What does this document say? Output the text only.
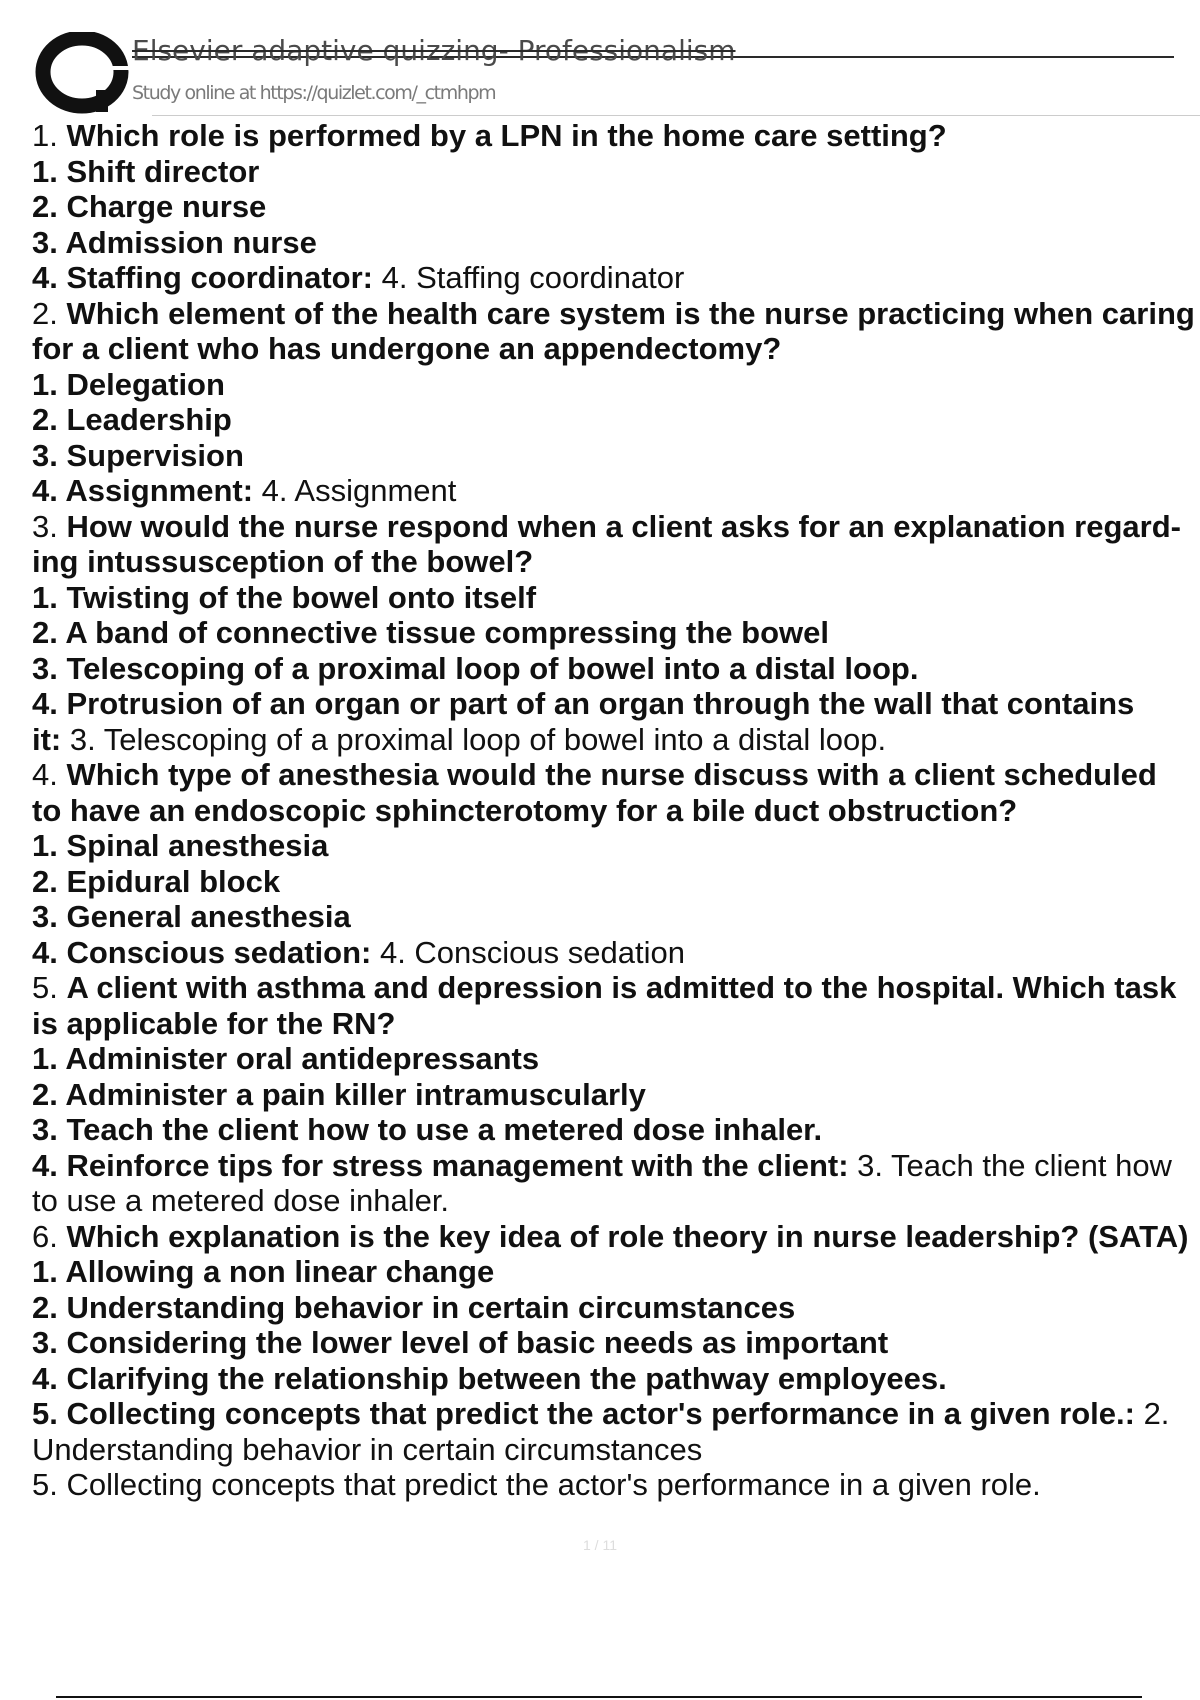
Elsevier adaptive quizzing- Professionalism
Study online at https://quizlet.com/_ctmhpm
1. Which role is performed by a LPN in the home care setting?
1. Shift director
2. Charge nurse
3. Admission nurse
4. Staffing coordinator: 4. Staffing coordinator
2. Which element of the health care system is the nurse practicing when caring
for a client who has undergone an appendectomy?
1. Delegation
2. Leadership
3. Supervision
4. Assignment: 4. Assignment
3. How would the nurse respond when a client asks for an explanation regard-
ing intussusception of the bowel?
1. Twisting of the bowel onto itself
2. A band of connective tissue compressing the bowel
3. Telescoping of a proximal loop of bowel into a distal loop.
4. Protrusion of an organ or part of an organ through the wall that contains
it: 3. Telescoping of a proximal loop of bowel into a distal loop.
4. Which type of anesthesia would the nurse discuss with a client scheduled
to have an endoscopic sphincterotomy for a bile duct obstruction?
1. Spinal anesthesia
2. Epidural block
3. General anesthesia
4. Conscious sedation: 4. Conscious sedation
5. A client with asthma and depression is admitted to the hospital. Which task
is applicable for the RN?
1. Administer oral antidepressants
2. Administer a pain killer intramuscularly
3. Teach the client how to use a metered dose inhaler.
4. Reinforce tips for stress management with the client: 3. Teach the client how
to use a metered dose inhaler.
6. Which explanation is the key idea of role theory in nurse leadership? (SATA)
1. Allowing a non linear change
2. Understanding behavior in certain circumstances
3. Considering the lower level of basic needs as important
4. Clarifying the relationship between the pathway employees.
5. Collecting concepts that predict the actor's performance in a given role.: 2.
Understanding behavior in certain circumstances
5. Collecting concepts that predict the actor's performance in a given role.
1 / 11
